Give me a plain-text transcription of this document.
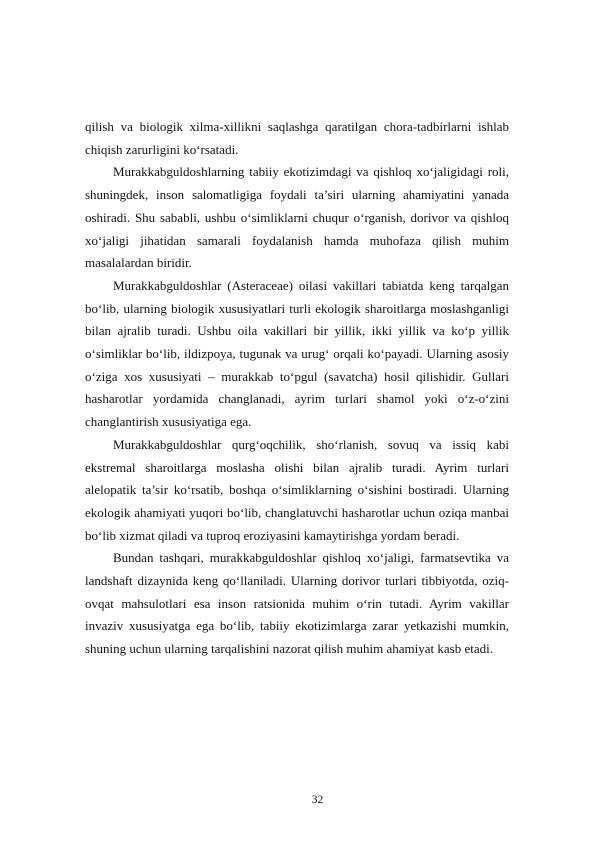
qilish va biologik xilma-xillikni saqlashga qaratilgan chora-tadbirlarni ishlab chiqish zarurligini ko‘rsatadi.

Murakkabguldoshlarning tabiiy ekotizimdagi va qishloq xo‘jaligidagi roli, shuningdek, inson salomatligiga foydali ta’siri ularning ahamiyatini yanada oshiradi. Shu sababli, ushbu o‘simliklarni chuqur o‘rganish, dorivor va qishloq xo‘jaligi jihatidan samarali foydalanish hamda muhofaza qilish muhim masalalardan biridir.

Murakkabguldoshlar (Asteraceae) oilasi vakillari tabiatda keng tarqalgan bo‘lib, ularning biologik xususiyatlari turli ekologik sharoitlarga moslashganligi bilan ajralib turadi. Ushbu oila vakillari bir yillik, ikki yillik va ko‘p yillik o‘simliklar bo‘lib, ildizpoya, tugunak va urug‘ orqali ko‘payadi. Ularning asosiy o‘ziga xos xususiyati – murakkab to‘pgul (savatcha) hosil qilishidir. Gullari hasharotlar yordamida changlanadi, ayrim turlari shamol yoki o‘z-o‘zini changlantirish xususiyatiga ega.

Murakkabguldoshlar qurg‘oqchilik, sho‘rlanish, sovuq va issiq kabi ekstremal sharoitlarga moslasha olishi bilan ajralib turadi. Ayrim turlari alelopatik ta’sir ko‘rsatib, boshqa o‘simliklarning o‘sishini bostiradi. Ularning ekologik ahamiyati yuqori bo‘lib, changlatuvchi hasharotlar uchun oziqa manbai bo‘lib xizmat qiladi va tuproq eroziyasini kamaytirishga yordam beradi.

Bundan tashqari, murakkabguldoshlar qishloq xo‘jaligi, farmatsevtika va landshaft dizaynida keng qo‘llaniladi. Ularning dorivor turlari tibbiyotda, oziq-ovqat mahsulotlari esa inson ratsionida muhim o‘rin tutadi. Ayrim vakillar invaziv xususiyatga ega bo‘lib, tabiiy ekotizimlarga zarar yetkazishi mumkin, shuning uchun ularning tarqalishini nazorat qilish muhim ahamiyat kasb etadi.

32
